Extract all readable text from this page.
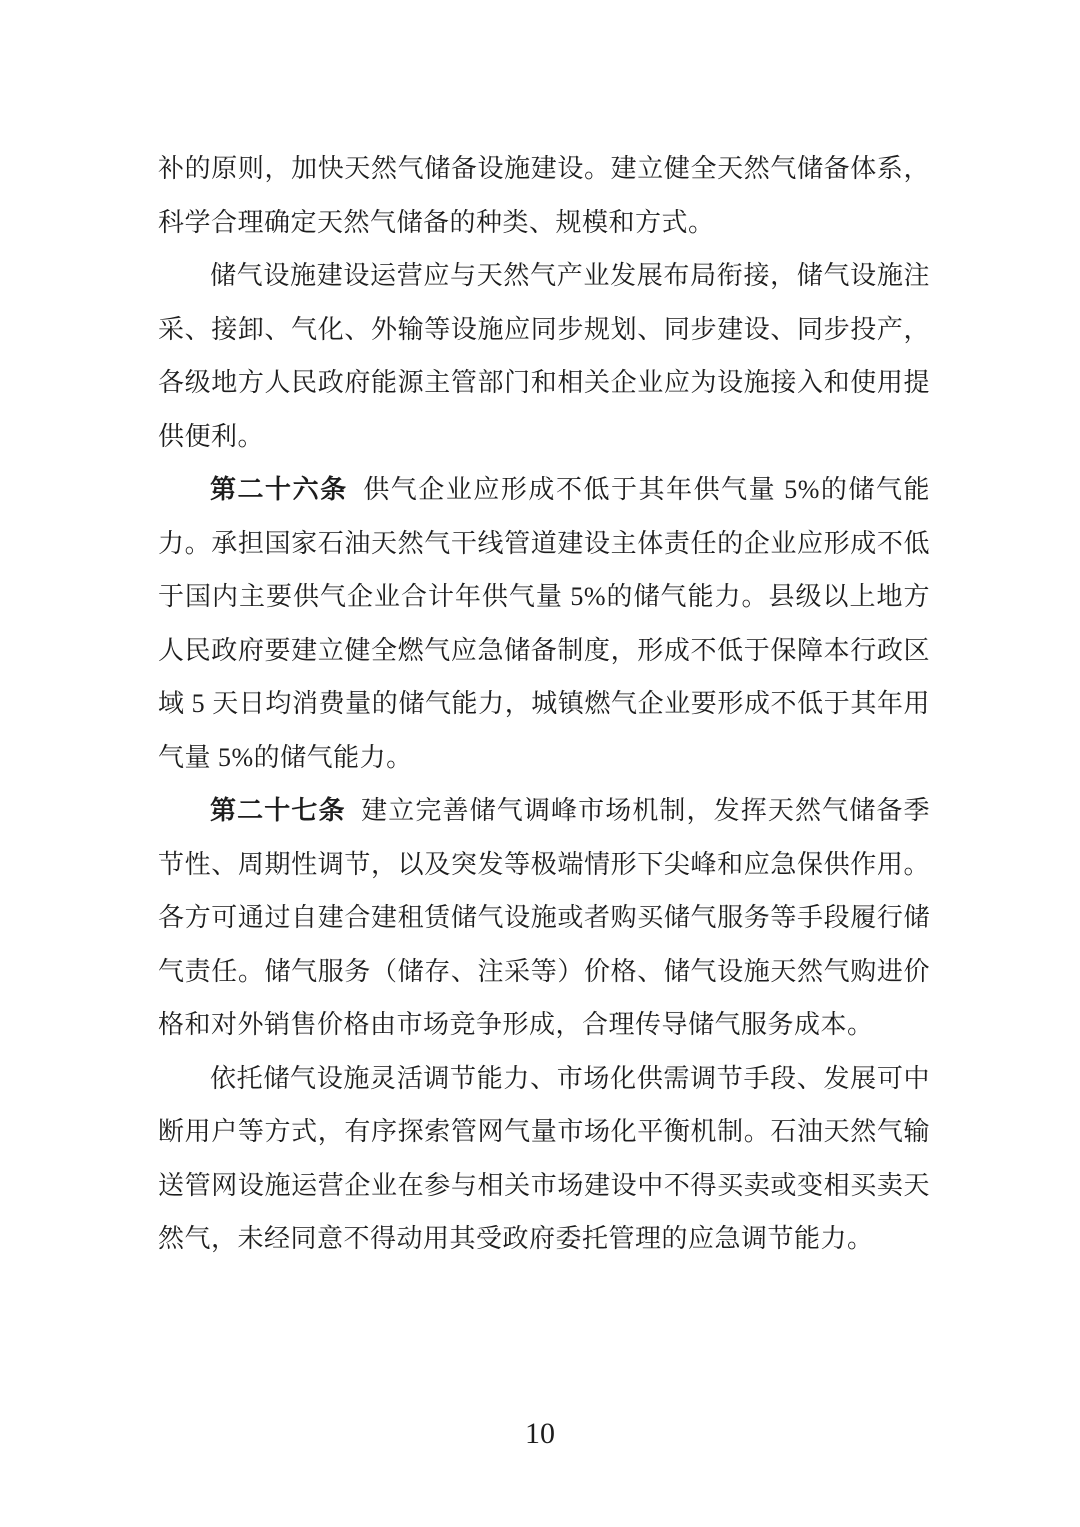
补的原则，加快天然气储备设施建设。建立健全天然气储备体系，科学合理确定天然气储备的种类、规模和方式。

储气设施建设运营应与天然气产业发展布局衔接，储气设施注采、接卸、气化、外输等设施应同步规划、同步建设、同步投产，各级地方人民政府能源主管部门和相关企业应为设施接入和使用提供便利。

第二十六条 供气企业应形成不低于其年供气量 5%的储气能力。承担国家石油天然气干线管道建设主体责任的企业应形成不低于国内主要供气企业合计年供气量 5%的储气能力。县级以上地方人民政府要建立健全燃气应急储备制度，形成不低于保障本行政区域 5 天日均消费量的储气能力，城镇燃气企业要形成不低于其年用气量 5%的储气能力。

第二十七条 建立完善储气调峰市场机制，发挥天然气储备季节性、周期性调节，以及突发等极端情形下尖峰和应急保供作用。各方可通过自建合建租赁储气设施或者购买储气服务等手段履行储气责任。储气服务（储存、注采等）价格、储气设施天然气购进价格和对外销售价格由市场竞争形成，合理传导储气服务成本。

依托储气设施灵活调节能力、市场化供需调节手段、发展可中断用户等方式，有序探索管网气量市场化平衡机制。石油天然气输送管网设施运营企业在参与相关市场建设中不得买卖或变相买卖天然气，未经同意不得动用其受政府委托管理的应急调节能力。

10
